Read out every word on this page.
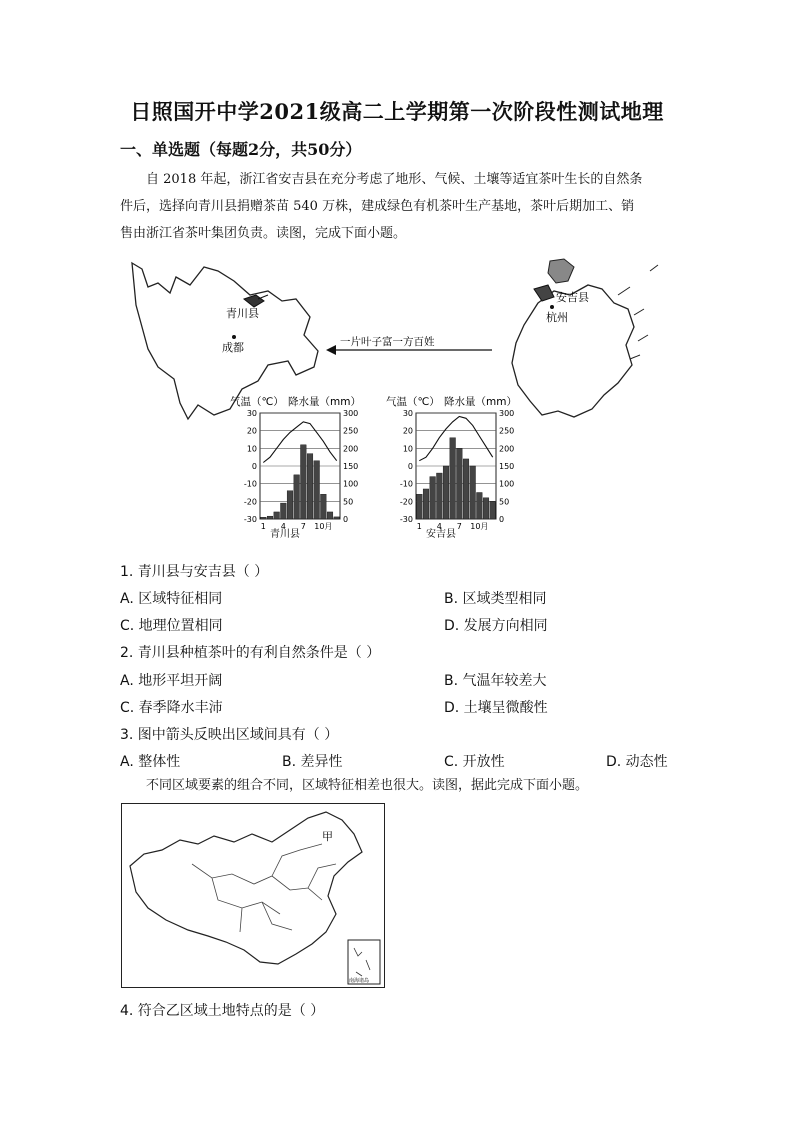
日照国开中学2021级高二上学期第一次阶段性测试地理
一、单选题（每题2分，共50分）
自 2018 年起，浙江省安吉县在充分考虑了地形、气候、土壤等适宜茶叶生长的自然条
件后，选择向青川县捐赠茶苗 540 万株，建成绿色有机茶叶生产基地，茶叶后期加工、销
售由浙江省茶叶集团负责。读图，完成下面小题。
青川县
成都	一片叶子富一方百姓
安吉县
杭州
气温（℃） 降水量（mm）
30	300
20	250
10	200
0	150
-10	100
-20	50
-30	0
1 4 7 10月
青川县
气温（℃） 降水量（mm）
30	300
20	250
10	200
0	150
-10	100
-20	50
-30	0
1 4 7 10月
安吉县
1. 青川县与安吉县（ ）
A. 区域特征相同	B. 区域类型相同
C. 地理位置相同	D. 发展方向相同
2. 青川县种植茶叶的有利自然条件是（ ）
A. 地形平坦开阔	B. 气温年较差大
C. 春季降水丰沛	D. 土壤呈微酸性
3. 图中箭头反映出区域间具有（ ）
A. 整体性	B. 差异性	C. 开放性	D. 动态性
不同区域要素的组合不同，区域特征相差也很大。读图，据此完成下面小题。
甲
南海诸岛
4. 符合乙区域土地特点的是（ ）
